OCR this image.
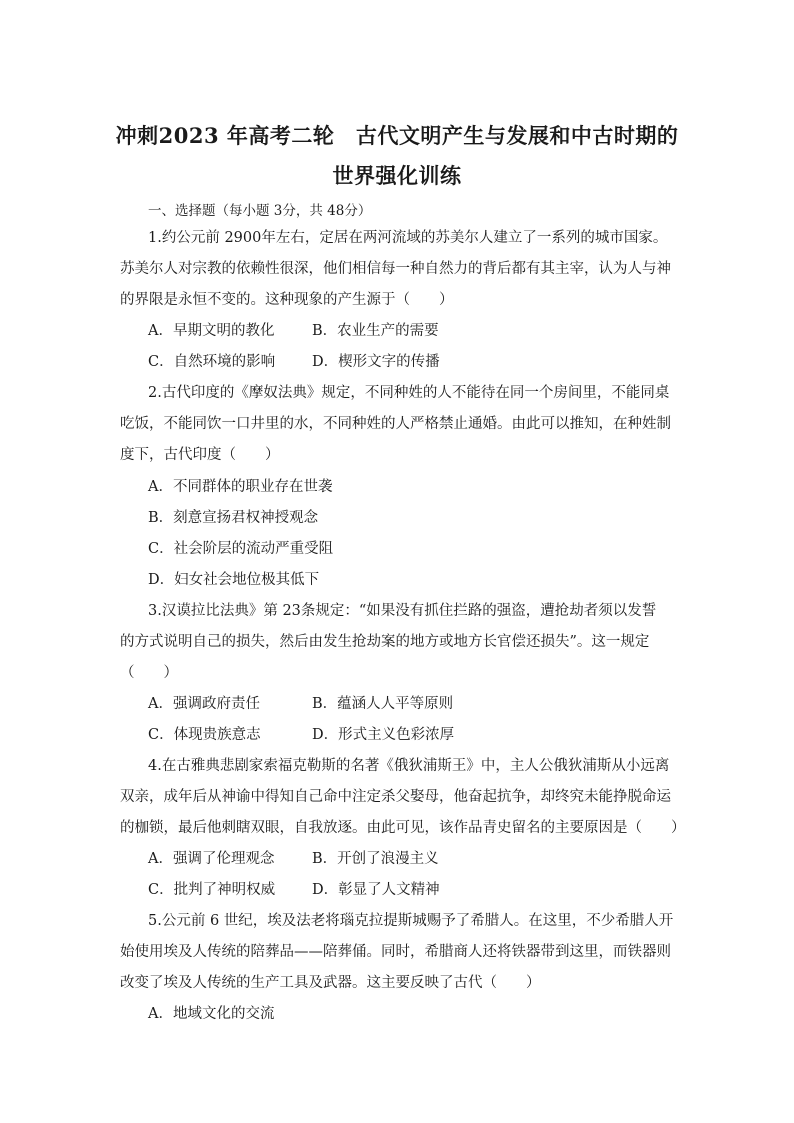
冲刺2023 年高考二轮　古代文明产生与发展和中古时期的
世界强化训练
一、选择题（每小题 3分，共 48分）
1.约公元前 2900年左右，定居在两河流域的苏美尔人建立了一系列的城市国家。
苏美尔人对宗教的依赖性很深，他们相信每一种自然力的背后都有其主宰，认为人与神
的界限是永恒不变的。这种现象的产生源于（　　）
A．早期文明的教化	B．农业生产的需要
C．自然环境的影响	D．楔形文字的传播
2.古代印度的《摩奴法典》规定，不同种姓的人不能待在同一个房间里，不能同桌
吃饭，不能同饮一口井里的水，不同种姓的人严格禁止通婚。由此可以推知，在种姓制
度下，古代印度（　　）
A．不同群体的职业存在世袭
B．刻意宣扬君权神授观念
C．社会阶层的流动严重受阻
D．妇女社会地位极其低下
3.汉谟拉比法典》第 23条规定：“如果没有抓住拦路的强盗，遭抢劫者须以发誓
的方式说明自己的损失，然后由发生抢劫案的地方或地方长官偿还损失”。这一规定
（　　）
A．强调政府责任	B．蕴涵人人平等原则
C．体现贵族意志	D．形式主义色彩浓厚
4.在古雅典悲剧家索福克勒斯的名著《俄狄浦斯王》中，主人公俄狄浦斯从小远离
双亲，成年后从神谕中得知自己命中注定杀父娶母，他奋起抗争，却终究未能挣脱命运
的枷锁，最后他刺瞎双眼，自我放逐。由此可见，该作品青史留名的主要原因是（　　）
A．强调了伦理观念	B．开创了浪漫主义
C．批判了神明权威	D．彰显了人文精神
5.公元前 6 世纪，埃及法老将瑙克拉提斯城赐予了希腊人。在这里，不少希腊人开
始使用埃及人传统的陪葬品——陪葬俑。同时，希腊商人还将铁器带到这里，而铁器则
改变了埃及人传统的生产工具及武器。这主要反映了古代（　　）
A．地域文化的交流
